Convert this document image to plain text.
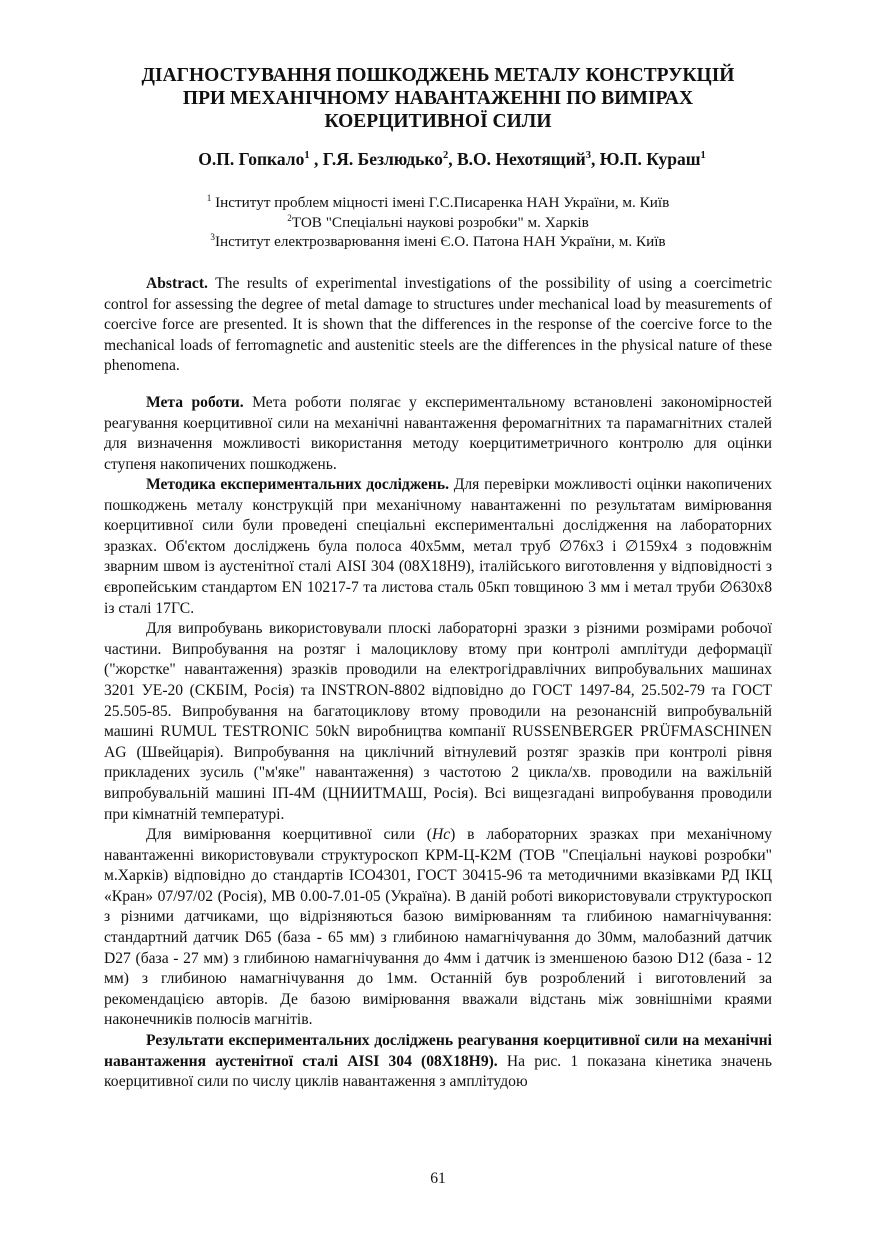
ДІАГНОСТУВАННЯ ПОШКОДЖЕНЬ МЕТАЛУ КОНСТРУКЦІЙ
ПРИ МЕХАНІЧНОМУ НАВАНТАЖЕННІ ПО ВИМІРАХ
КОЕРЦИТИВНОЇ СИЛИ
О.П. Гопкало$^1$ , Г.Я. Безлюдько$^2$, В.О. Нехотящий$^3$, Ю.П. Кураш$^1$
$^1$ Інститут проблем міцності імені Г.С.Писаренка НАН України, м. Київ
$^2$ТОВ "Спеціальні наукові розробки" м. Харків
$^3$Інститут електрозварювання імені Є.О. Патона НАН України, м. Київ

Abstract. The results of experimental investigations of the possibility of using a coercimetric control for assessing the degree of metal damage to structures under mechanical load by measurements of coercive force are presented. It is shown that the differences in the response of the coercive force to the mechanical loads of ferromagnetic and austenitic steels are the differences in the physical nature of these phenomena.

Мета роботи. Мета роботи полягає у експериментальному встановлені закономірностей реагування коерцитивної сили на механічні навантаження феромагнітних та парамагнітних сталей для визначення можливості використання методу коерцитиметричного контролю для оцінки ступеня накопичених пошкоджень.

Методика експериментальних досліджень. Для перевірки можливості оцінки накопичених пошкоджень металу конструкцій при механічному навантаженні по результатам вимірювання коерцитивної сили були проведені спеціальні експериментальні дослідження на лабораторних зразках. Об'єктом досліджень була полоса 40х5мм, метал труб ∅76х3 і ∅159х4 з подовжнім зварним швом із аустенітної сталі AISI 304 (08Х18Н9), італійського виготовлення у відповідності з європейським стандартом EN 10217-7 та листова сталь 05кп товщиною 3 мм і метал труби ∅630х8 із сталі 17ГС.

Для випробувань використовували плоскі лабораторні зразки з різними розмірами робочої частини. Випробування на розтяг і малоциклову втому при контролі амплітуди деформації ("жорстке" навантаження) зразків проводили на електрогідравлічних випробувальних машинах 3201 УЕ-20 (СКБІМ, Росія) та INSTRON-8802 відповідно до ГОСТ 1497-84, 25.502-79 та ГОСТ 25.505-85. Випробування на багатоциклову втому проводили на резонансній випробувальній машині RUMUL TESTRONIC 50kN виробництва компанії RUSSENBERGER PRÜFMASCHINEN AG (Швейцарія). Випробування на циклічний вітнулевий розтяг зразків при контролі рівня прикладених зусиль ("м'яке" навантаження) з частотою 2 цикла/хв. проводили на важільній випробувальній машині ІП-4М (ЦНИИТМАШ, Росія). Всі вищезгадані випробування проводили при кімнатній температурі.

Для вимірювання коерцитивної сили (Hc) в лабораторних зразках при механічному навантаженні використовували структуроскоп КРМ-Ц-К2М (ТОВ "Спеціальні наукові розробки" м.Харків) відповідно до стандартів ІСО4301, ГОСТ 30415-96 та методичними вказівками РД ІКЦ «Кран» 07/97/02 (Росія), МВ 0.00-7.01-05 (Україна). В даній роботі використовували структуроскоп з різними датчиками, що відрізняються базою вимірюванням та глибиною намагнічування: стандартний датчик D65 (база - 65 мм) з глибиною намагнічування до 30мм, малобазний датчик D27 (база - 27 мм) з глибиною намагнічування до 4мм і датчик із зменшеною базою D12 (база - 12 мм) з глибиною намагнічування до 1мм. Останній був розроблений і виготовлений за рекомендацією авторів. Де базою вимірювання вважали відстань між зовнішніми краями наконечників полюсів магнітів.

Результати експериментальних досліджень реагування коерцитивної сили на механічні навантаження аустенітної сталі AISI 304 (08Х18Н9). На рис. 1 показана кінетика значень коерцитивної сили по числу циклів навантаження з амплітудою

61
